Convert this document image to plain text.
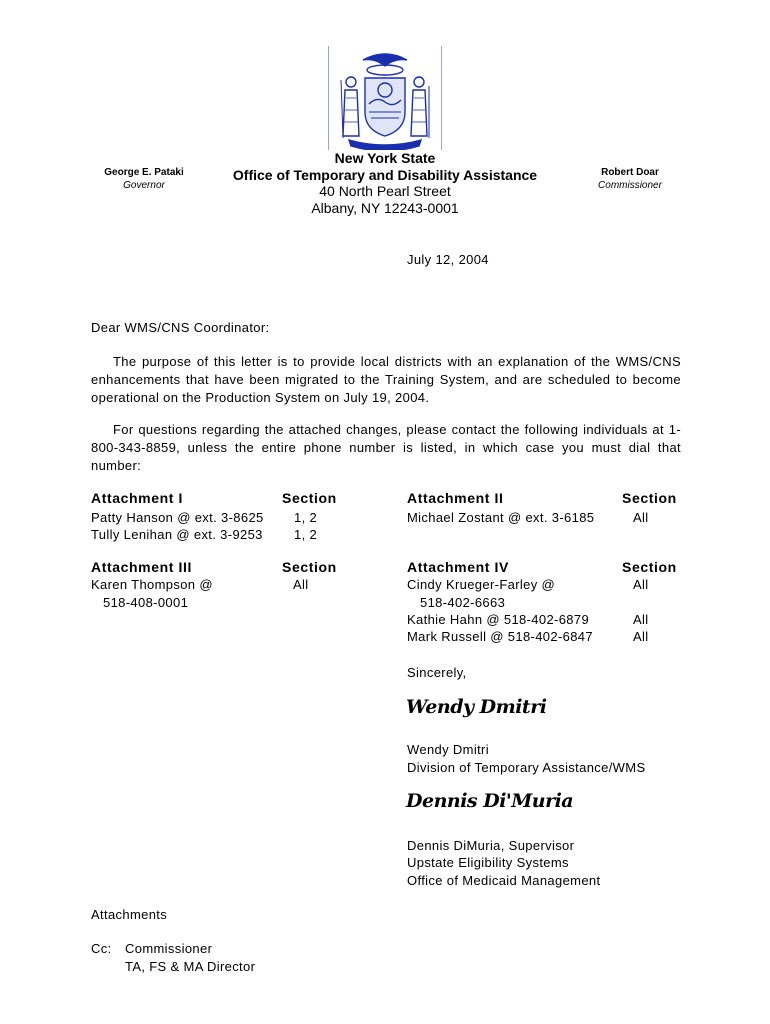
George E. Pataki
Governor
Robert Doar
Commissioner
New York State
Office of Temporary and Disability Assistance
40 North Pearl Street
Albany, NY 12243-0001
July 12, 2004
Dear WMS/CNS Coordinator:
The purpose of this letter is to provide local districts with an explanation of the WMS/CNS enhancements that have been migrated to the Training System, and are scheduled to become operational on the Production System on July 19, 2004.
For questions regarding the attached changes, please contact the following individuals at 1-800-343-8859, unless the entire phone number is listed, in which case you must dial that number:
Attachment I	Section
Patty Hanson @ ext. 3-8625 1, 2
Tully Lenihan @ ext. 3-9253 1, 2
Attachment II	Section
Michael Zostant @ ext. 3-6185	All
Attachment III	Section
Karen Thompson @	All
518-408-0001
Attachment IV	Section
Cindy Krueger-Farley @	All
518-402-6663
Kathie Hahn @ 518-402-6879	All
Mark Russell @ 518-402-6847	All
Sincerely,
Wendy Dmitri
Wendy Dmitri
Division of Temporary Assistance/WMS
Dennis Di'Muria
Dennis DiMuria, Supervisor
Upstate Eligibility Systems
Office of Medicaid Management
Attachments
Cc: Commissioner
TA, FS & MA Director
